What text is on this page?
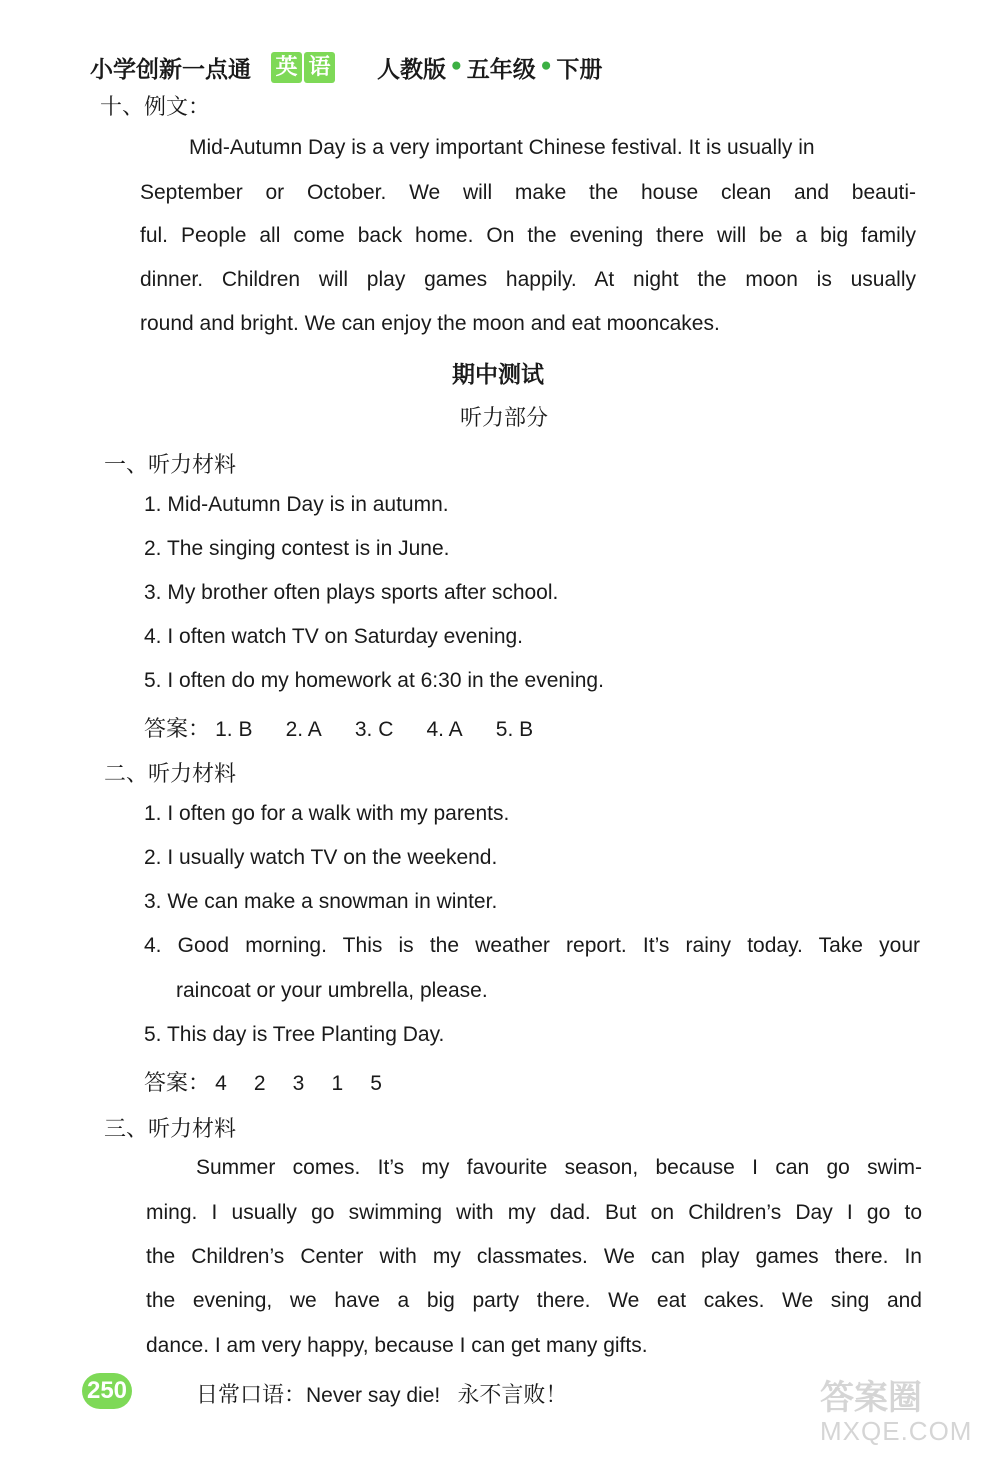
小学创新一点通 英 语 人教版 • 五年级 • 下册
十、例文：
Mid-Autumn Day is a very important Chinese festival. It is usually in
September or October. We will make the house clean and beauti-
ful. People all come back home. On the evening there will be a big family
dinner. Children will play games happily. At night the moon is usually
round and bright. We can enjoy the moon and eat mooncakes.
期中测试
听力部分
一、听力材料
1. Mid-Autumn Day is in autumn.
2. The singing contest is in June.
3. My brother often plays sports after school.
4. I often watch TV on Saturday evening.
5. I often do my homework at 6:30 in the evening.
答案： 1. B 2. A 3. C 4. A 5. B
二、听力材料
1. I often go for a walk with my parents.
2. I usually watch TV on the weekend.
3. We can make a snowman in winter.
4. Good morning. This is the weather report. It’s rainy today. Take your
raincoat or your umbrella, please.
5. This day is Tree Planting Day.
答案： 4 2 3 1 5
三、听力材料
Summer comes. It’s my favourite season, because I can go swim-
ming. I usually go swimming with my dad. But on Children’s Day I go to
the Children’s Center with my classmates. We can play games there. In
the evening, we have a big party there. We eat cakes. We sing and
dance. I am very happy, because I can get many gifts.
250	日常口语：Never say die! 永不言败！	答案圈
MXQE.COM
